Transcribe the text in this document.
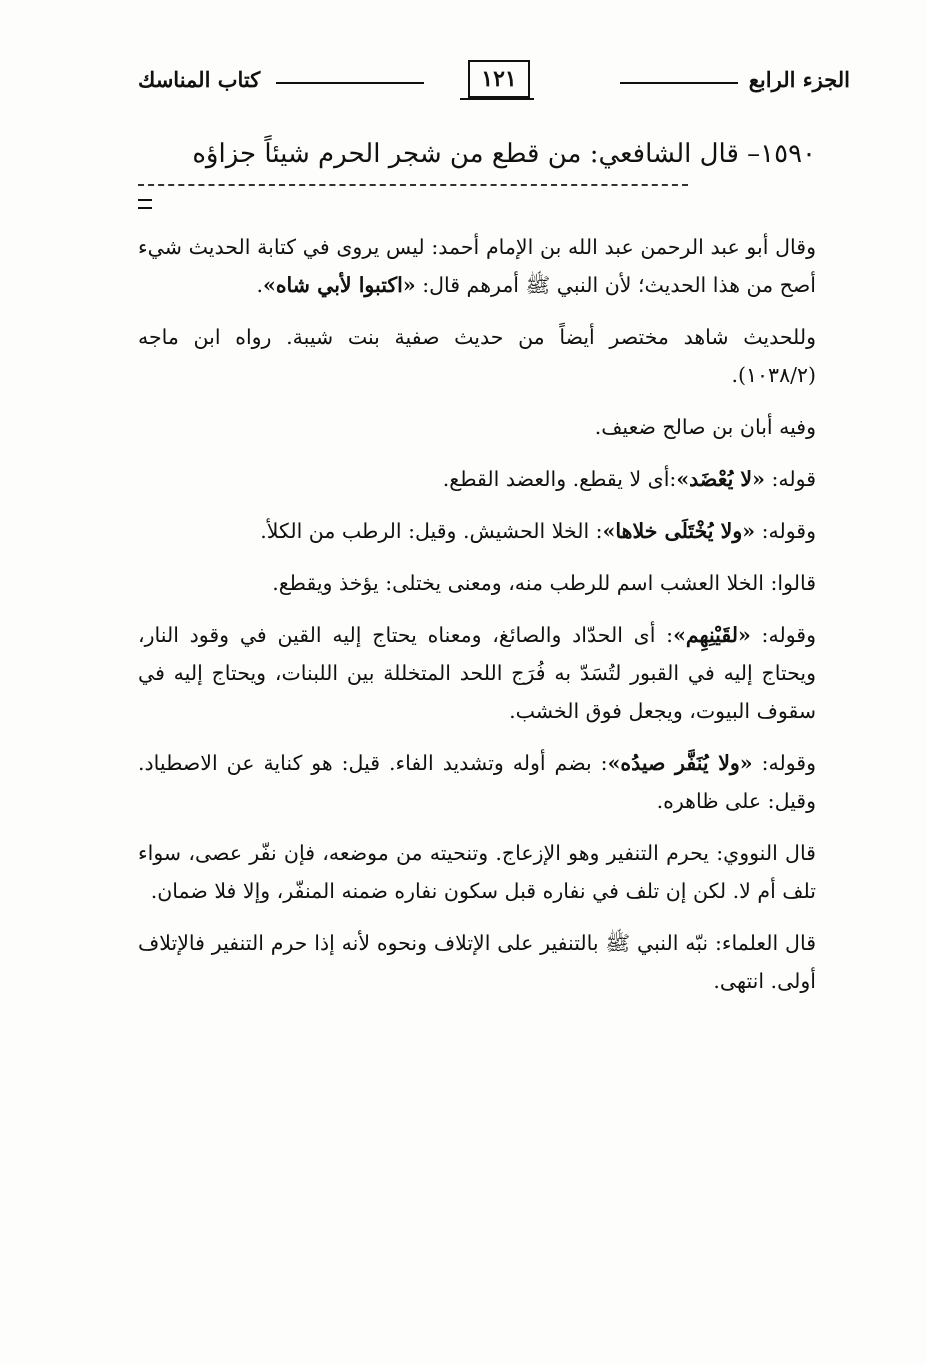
الجزء الرابع
١٢١
كتاب المناسك
١٥٩٠– قال الشافعي: من قطع من شجر الحرم شيئاً جزاؤه

وقال أبو عبد الرحمن عبد الله بن الإمام أحمد: ليس يروى في كتابة الحديث شيء أصح من هذا الحديث؛ لأن النبي ﷺ أمرهم قال: «اكتبوا لأبي شاه».

وللحديث شاهد مختصر أيضاً من حديث صفية بنت شيبة. رواه ابن ماجه (١٠٣٨/٢).

وفيه أبان بن صالح ضعيف.

قوله: «لا يُعْضَد»:أى لا يقطع. والعضد القطع.

وقوله: «ولا يُخْتَلَى خلاها»: الخلا الحشيش. وقيل: الرطب من الكلأ.

قالوا: الخلا العشب اسم للرطب منه، ومعنى يختلى: يؤخذ ويقطع.

وقوله: «لقَيْنِهِم»: أى الحدّاد والصائغ، ومعناه يحتاج إليه القين في وقود النار، ويحتاج إليه في القبور لتُسَدّ به فُرَج اللحد المتخللة بين اللبنات، ويحتاج إليه في سقوف البيوت، ويجعل فوق الخشب.

وقوله: «ولا يُنَفَّر صيدُه»: بضم أوله وتشديد الفاء. قيل: هو كناية عن الاصطياد. وقيل: على ظاهره.

قال النووي: يحرم التنفير وهو الإزعاج. وتنحيته من موضعه، فإن نفّر عصى، سواء تلف أم لا. لكن إن تلف في نفاره قبل سكون نفاره ضمنه المنفّر، وإلا فلا ضمان.

قال العلماء: نبّه النبي ﷺ بالتنفير على الإتلاف ونحوه لأنه إذا حرم التنفير فالإتلاف أولى. انتهى.
